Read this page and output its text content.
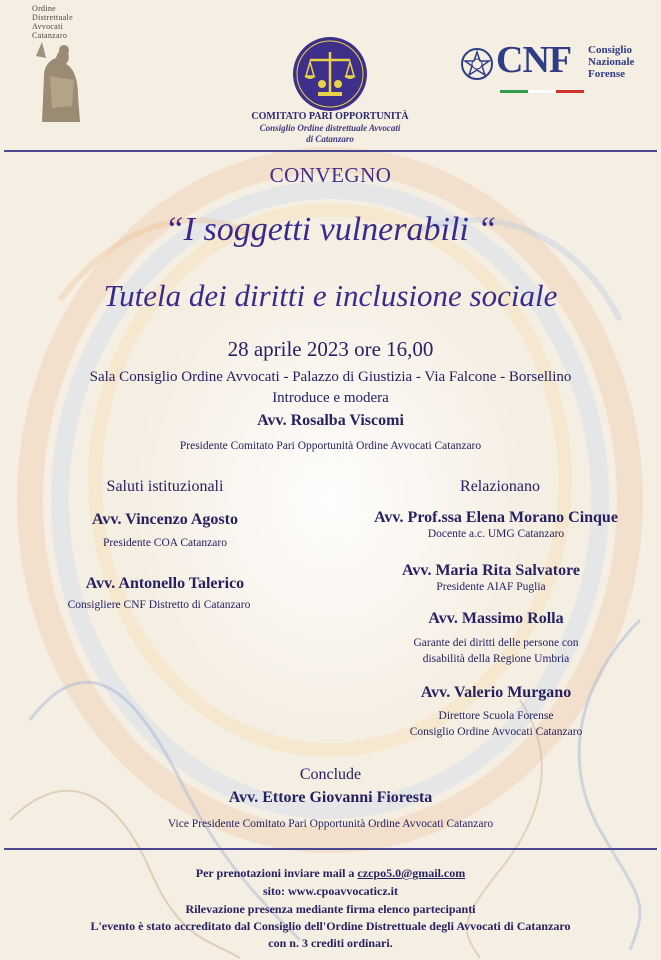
Ordine
Distrettuale
Avvocati
Catanzaro
COMITATO PARI OPPORTUNITÀ
Consiglio Ordine distrettuale Avvocati
di Catanzaro
CNF Consiglio
Nazionale
Forense
CONVEGNO
“I soggetti vulnerabili “
Tutela dei diritti e inclusione sociale
28 aprile 2023 ore 16,00
Sala Consiglio Ordine Avvocati - Palazzo di Giustizia - Via Falcone - Borsellino
Introduce e modera
Avv. Rosalba Viscomi
Presidente Comitato Pari Opportunità Ordine Avvocati Catanzaro
Saluti istituzionali
Avv. Vincenzo Agosto
Presidente COA Catanzaro
Avv. Antonello Talerico
Consigliere CNF Distretto di Catanzaro
Relazionano
Avv. Prof.ssa Elena Morano Cinque
Docente a.c. UMG Catanzaro
Avv. Maria Rita Salvatore
Presidente AIAF Puglia
Avv. Massimo Rolla
Garante dei diritti delle persone con
disabilità della Regione Umbria
Avv. Valerio Murgano
Direttore Scuola Forense
Consiglio Ordine Avvocati Catanzaro
Conclude
Avv. Ettore Giovanni Fioresta
Vice Presidente Comitato Pari Opportunità Ordine Avvocati Catanzaro
Per prenotazioni inviare mail a czcpo5.0@gmail.com
sito: www.cpoavvocaticz.it
Rilevazione presenza mediante firma elenco partecipanti
L'evento è stato accreditato dal Consiglio dell'Ordine Distrettuale degli Avvocati di Catanzaro
con n. 3 crediti ordinari.
